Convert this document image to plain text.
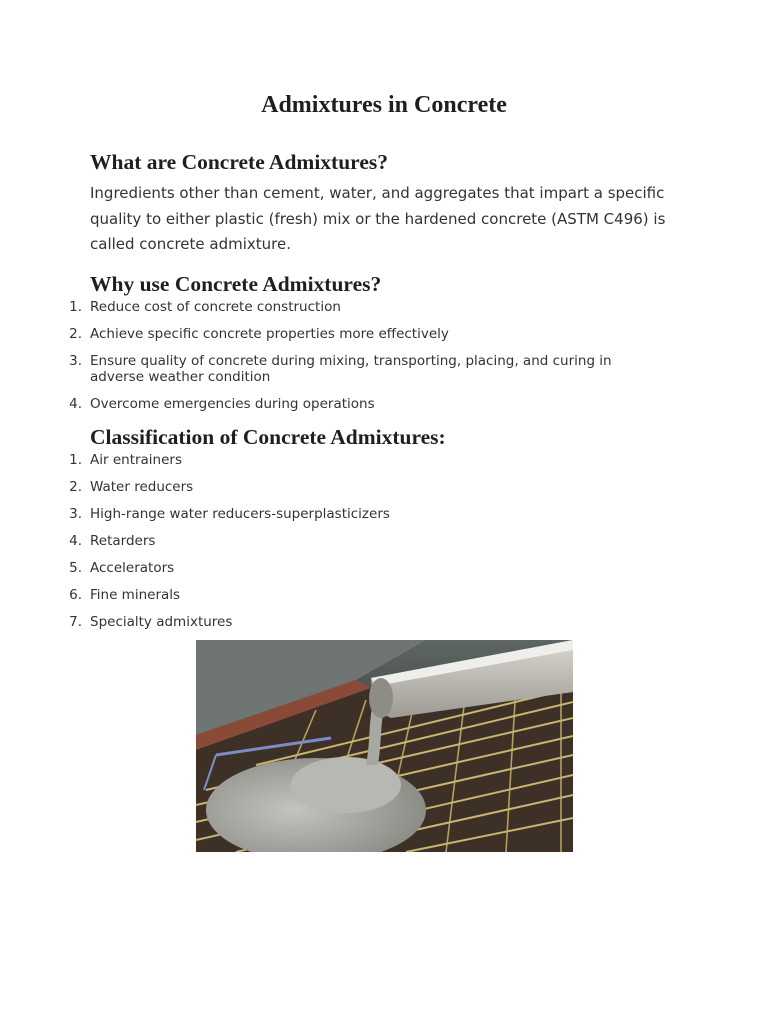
Admixtures in Concrete
What are Concrete Admixtures?

Ingredients other than cement, water, and aggregates that impart a specific quality to either plastic (fresh) mix or the hardened concrete (ASTM C496) is called concrete admixture.

Why use Concrete Admixtures?
1. Reduce cost of concrete construction
2. Achieve specific concrete properties more effectively
3. Ensure quality of concrete during mixing, transporting, placing, and curing in adverse weather condition
4. Overcome emergencies during operations
Classification of Concrete Admixtures:
1. Air entrainers
2. Water reducers
3. High-range water reducers-superplasticizers
4. Retarders
5. Accelerators
6. Fine minerals
7. Specialty admixtures
